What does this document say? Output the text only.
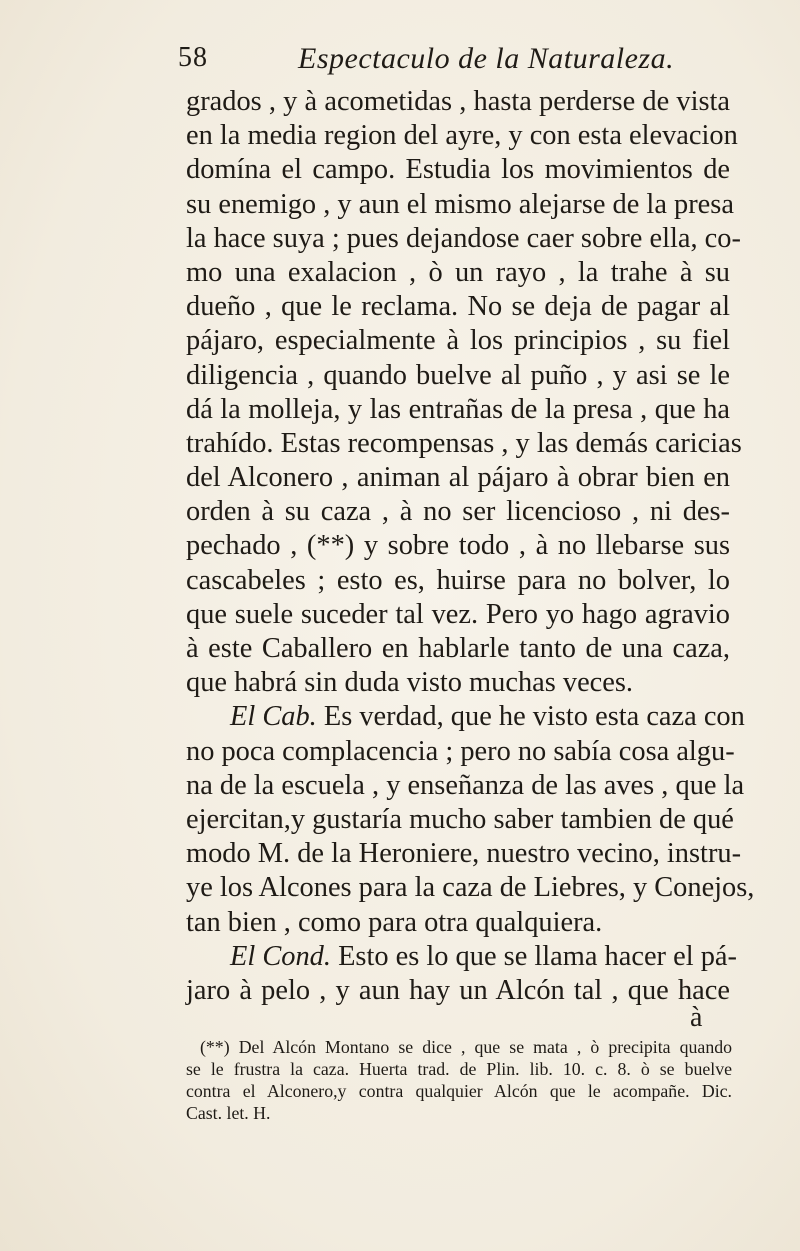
58	Espectaculo de la Naturaleza.
grados , y à acometidas , hasta perderse de vista
en la media region del ayre, y con esta elevacion
domína el campo. Estudia los movimientos de
su enemigo , y aun el mismo alejarse de la presa
la hace suya ; pues dejandose caer sobre ella, co-
mo una exalacion , ò un rayo , la trahe à su
dueño , que le reclama. No se deja de pagar al
pájaro, especialmente à los principios , su fiel
diligencia , quando buelve al puño , y asi se le
dá la molleja, y las entrañas de la presa , que ha
trahído. Estas recompensas , y las demás caricias
del Alconero , animan al pájaro à obrar bien en
orden à su caza , à no ser licencioso , ni des-
pechado , (**) y sobre todo , à no llebarse sus
cascabeles ; esto es, huirse para no bolver, lo
que suele suceder tal vez. Pero yo hago agravio
à este Caballero en hablarle tanto de una caza,
que habrá sin duda visto muchas veces.
El Cab. Es verdad, que he visto esta caza con
no poca complacencia ; pero no sabía cosa algu-
na de la escuela , y enseñanza de las aves , que la
ejercitan,y gustaría mucho saber tambien de qué
modo M. de la Heroniere, nuestro vecino, instru-
ye los Alcones para la caza de Liebres, y Conejos,
tan bien , como para otra qualquiera.
El Cond. Esto es lo que se llama hacer el pá-
jaro à pelo , y aun hay un Alcón tal , que hace
à
(**) Del Alcón Montano se dice , que se mata , ò precipita quando
se le frustra la caza. Huerta trad. de Plin. lib. 10. c. 8. ò se buelve
contra el Alconero,y contra qualquier Alcón que le acompañe. Dic.
Cast. let. H.
